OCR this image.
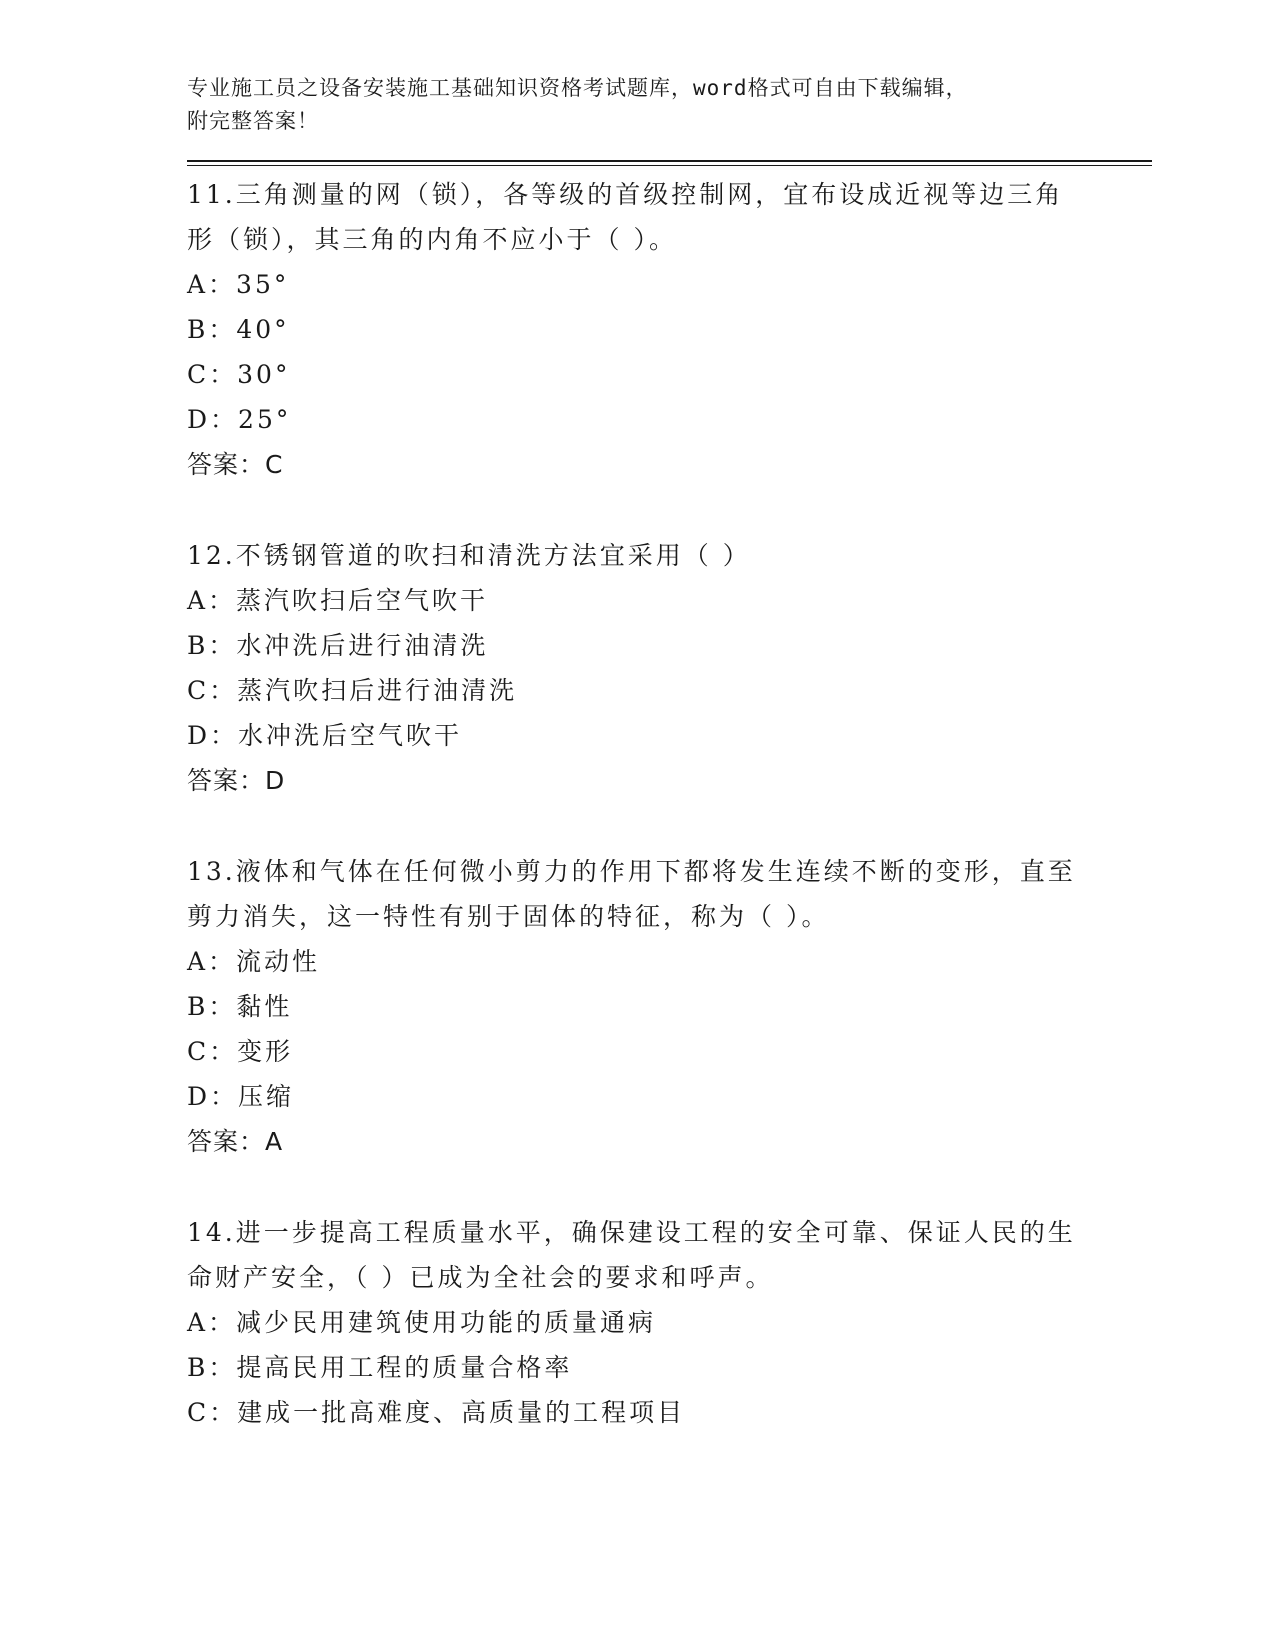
专业施工员之设备安装施工基础知识资格考试题库，word格式可自由下载编辑，
附完整答案！

11.三角测量的网（锁），各等级的首级控制网，宜布设成近视等边三角形（锁），其三角的内角不应小于（ ）。

A：35°

B：40°

C：30°

D：25°

答案：C

12.不锈钢管道的吹扫和清洗方法宜采用（ ）

A：蒸汽吹扫后空气吹干

B：水冲洗后进行油清洗

C：蒸汽吹扫后进行油清洗

D：水冲洗后空气吹干

答案：D

13.液体和气体在任何微小剪力的作用下都将发生连续不断的变形，直至剪力消失，这一特性有别于固体的特征，称为（ ）。

A：流动性

B：黏性

C：变形

D：压缩

答案：A

14.进一步提高工程质量水平，确保建设工程的安全可靠、保证人民的生命财产安全，（ ）已成为全社会的要求和呼声。

A：减少民用建筑使用功能的质量通病

B：提高民用工程的质量合格率

C：建成一批高难度、高质量的工程项目
